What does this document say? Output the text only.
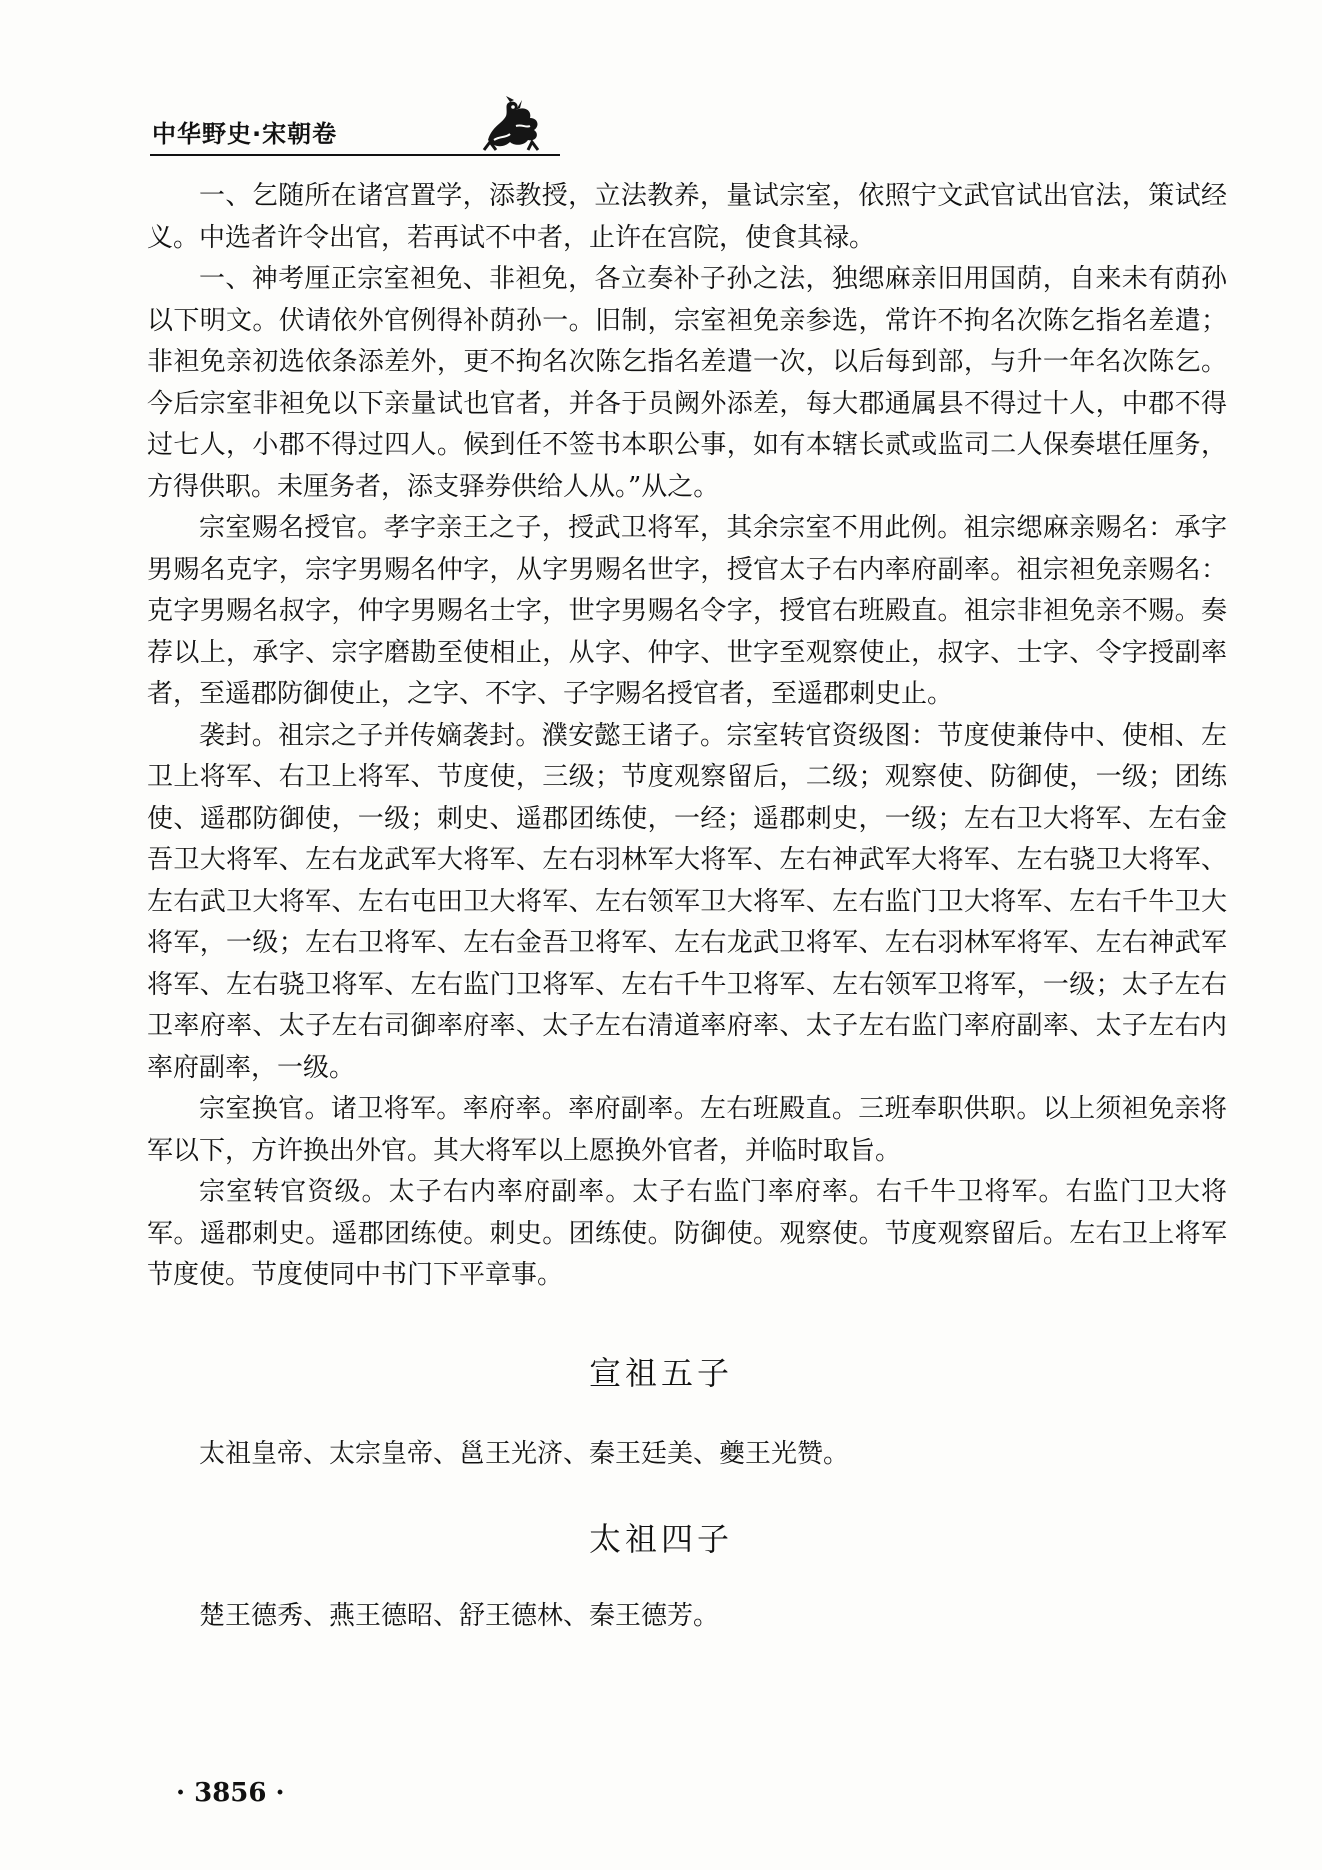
中华野史·宋朝卷

一、乞随所在诸宫置学，添教授，立法教养，量试宗室，依照宁文武官试出官法，策试经义。中选者许令出官，若再试不中者，止许在宫院，使食其禄。

一、神考厘正宗室袒免、非袒免，各立奏补子孙之法，独缌麻亲旧用国荫，自来未有荫孙以下明文。伏请依外官例得补荫孙一。旧制，宗室袒免亲参选，常许不拘名次陈乞指名差遣；非袒免亲初选依条添差外，更不拘名次陈乞指名差遣一次，以后每到部，与升一年名次陈乞。今后宗室非袒免以下亲量试也官者，并各于员阙外添差，每大郡通属县不得过十人，中郡不得过七人，小郡不得过四人。候到任不签书本职公事，如有本辖长贰或监司二人保奏堪任厘务，方得供职。未厘务者，添支驿券供给人从。”从之。

宗室赐名授官。孝字亲王之子，授武卫将军，其余宗室不用此例。祖宗缌麻亲赐名：承字男赐名克字，宗字男赐名仲字，从字男赐名世字，授官太子右内率府副率。祖宗袒免亲赐名：克字男赐名叔字，仲字男赐名士字，世字男赐名令字，授官右班殿直。祖宗非袒免亲不赐。奏荐以上，承字、宗字磨勘至使相止，从字、仲字、世字至观察使止，叔字、士字、令字授副率者，至遥郡防御使止，之字、不字、子字赐名授官者，至遥郡刺史止。

袭封。祖宗之子并传嫡袭封。濮安懿王诸子。宗室转官资级图：节度使兼侍中、使相、左卫上将军、右卫上将军、节度使，三级；节度观察留后，二级；观察使、防御使，一级；团练使、遥郡防御使，一级；刺史、遥郡团练使，一经；遥郡刺史，一级；左右卫大将军、左右金吾卫大将军、左右龙武军大将军、左右羽林军大将军、左右神武军大将军、左右骁卫大将军、左右武卫大将军、左右屯田卫大将军、左右领军卫大将军、左右监门卫大将军、左右千牛卫大将军，一级；左右卫将军、左右金吾卫将军、左右龙武卫将军、左右羽林军将军、左右神武军将军、左右骁卫将军、左右监门卫将军、左右千牛卫将军、左右领军卫将军，一级；太子左右卫率府率、太子左右司御率府率、太子左右清道率府率、太子左右监门率府副率、太子左右内率府副率，一级。

宗室换官。诸卫将军。率府率。率府副率。左右班殿直。三班奉职供职。以上须袒免亲将军以下，方许换出外官。其大将军以上愿换外官者，并临时取旨。

宗室转官资级。太子右内率府副率。太子右监门率府率。右千牛卫将军。右监门卫大将军。遥郡刺史。遥郡团练使。刺史。团练使。防御使。观察使。节度观察留后。左右卫上将军节度使。节度使同中书门下平章事。

宣祖五子
太祖皇帝、太宗皇帝、邕王光济、秦王廷美、夔王光赞。
太祖四子
楚王德秀、燕王德昭、舒王德林、秦王德芳。
· 3856 ·
